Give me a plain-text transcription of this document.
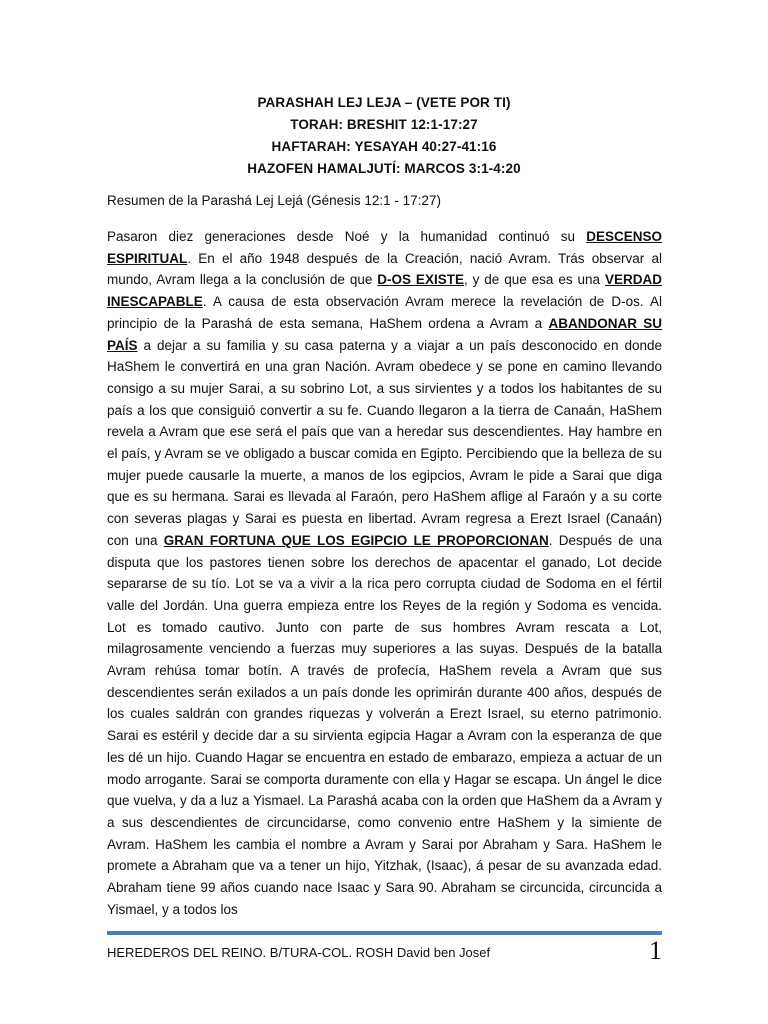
PARASHAH LEJ LEJA – (VETE POR TI)
TORAH: BRESHIT 12:1-17:27
HAFTARAH: YESAYAH 40:27-41:16
HAZOFEN HAMALJUTÍ: MARCOS 3:1-4:20
Resumen de la Parashá Lej Lejá (Génesis 12:1 - 17:27)
Pasaron diez generaciones desde Noé y la humanidad continuó su DESCENSO ESPIRITUAL. En el año 1948 después de la Creación, nació Avram. Trás observar al mundo, Avram llega a la conclusión de que D-OS EXISTE, y de que esa es una VERDAD INESCAPABLE. A causa de esta observación Avram merece la revelación de D-os. Al principio de la Parashá de esta semana, HaShem ordena a Avram a ABANDONAR SU PAÍS a dejar a su familia y su casa paterna y a viajar a un país desconocido en donde HaShem le convertirá en una gran Nación. Avram obedece y se pone en camino llevando consigo a su mujer Sarai, a su sobrino Lot, a sus sirvientes y a todos los habitantes de su país a los que consiguió convertir a su fe. Cuando llegaron a la tierra de Canaán, HaShem revela a Avram que ese será el país que van a heredar sus descendientes. Hay hambre en el país, y Avram se ve obligado a buscar comida en Egipto. Percibiendo que la belleza de su mujer puede causarle la muerte, a manos de los egipcios, Avram le pide a Sarai que diga que es su hermana. Sarai es llevada al Faraón, pero HaShem aflige al Faraón y a su corte con severas plagas y Sarai es puesta en libertad. Avram regresa a Erezt Israel (Canaán) con una GRAN FORTUNA QUE LOS EGIPCIO LE PROPORCIONAN. Después de una disputa que los pastores tienen sobre los derechos de apacentar el ganado, Lot decide separarse de su tío. Lot se va a vivir a la rica pero corrupta ciudad de Sodoma en el fértil valle del Jordán. Una guerra empieza entre los Reyes de la región y Sodoma es vencida. Lot es tomado cautivo. Junto con parte de sus hombres Avram rescata a Lot, milagrosamente venciendo a fuerzas muy superiores a las suyas. Después de la batalla Avram rehúsa tomar botín. A través de profecía, HaShem revela a Avram que sus descendientes serán exilados a un país donde les oprimirán durante 400 años, después de los cuales saldrán con grandes riquezas y volverán a Erezt Israel, su eterno patrimonio. Sarai es estéril y decide dar a su sirvienta egipcia Hagar a Avram con la esperanza de que les dé un hijo. Cuando Hagar se encuentra en estado de embarazo, empieza a actuar de un modo arrogante. Sarai se comporta duramente con ella y Hagar se escapa. Un ángel le dice que vuelva, y da a luz a Yismael. La Parashá acaba con la orden que HaShem da a Avram y a sus descendientes de circuncidarse, como convenio entre HaShem y la simiente de Avram. HaShem les cambia el nombre a Avram y Sarai por Abraham y Sara. HaShem le promete a Abraham que va a tener un hijo, Yitzhak, (Isaac), á pesar de su avanzada edad. Abraham tiene 99 años cuando nace Isaac y Sara 90. Abraham se circuncida, circuncida a Yismael, y a todos los
HEREDEROS DEL REINO. B/TURA-COL. ROSH David ben Josef	1
